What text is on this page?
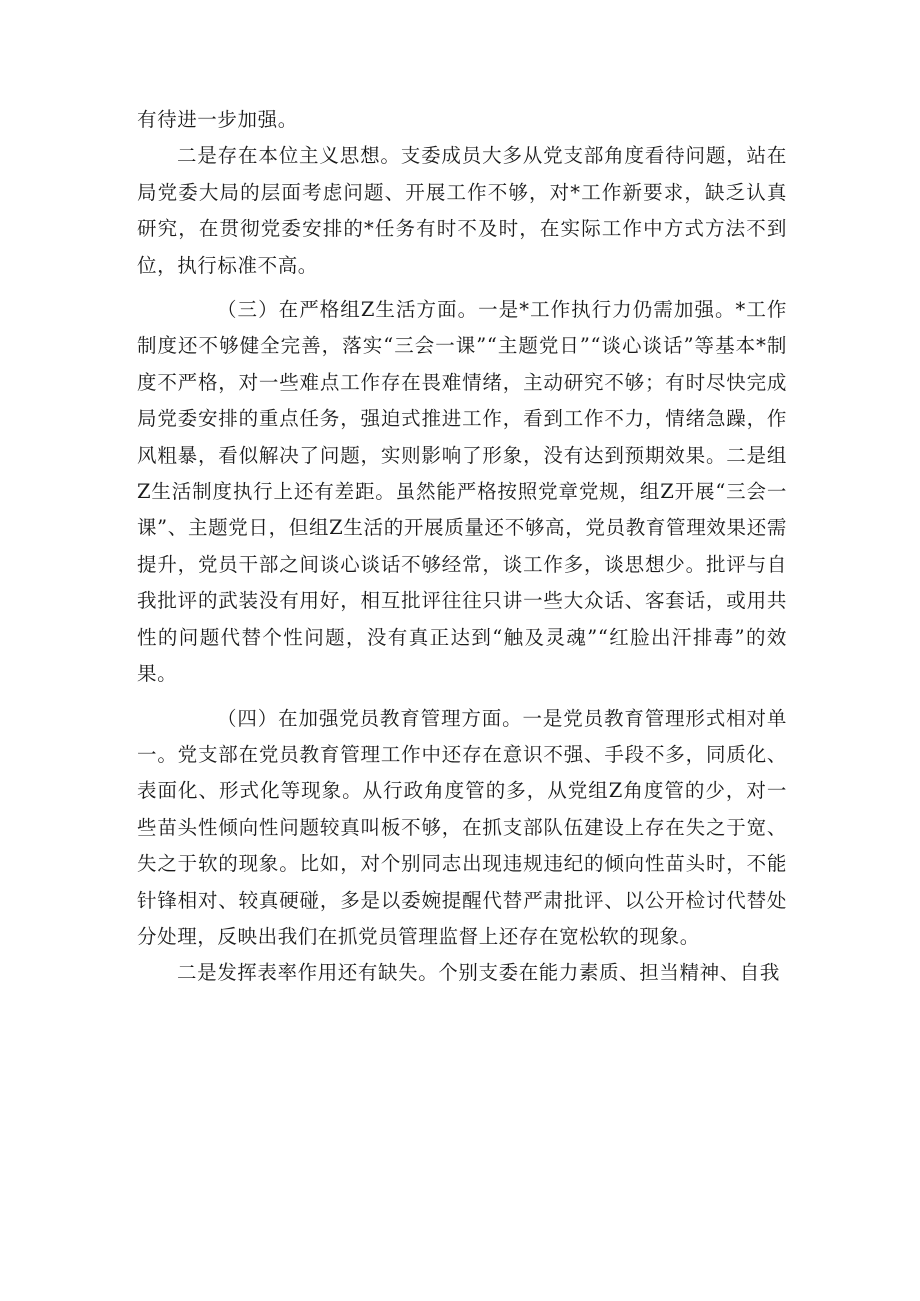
有待进一步加强。

二是存在本位主义思想。支委成员大多从党支部角度看待问题，站在局党委大局的层面考虑问题、开展工作不够，对*工作新要求，缺乏认真研究，在贯彻党委安排的*任务有时不及时，在实际工作中方式方法不到位，执行标准不高。

（三）在严格组Z生活方面。一是*工作执行力仍需加强。*工作制度还不够健全完善，落实“三会一课”“主题党日”“谈心谈话”等基本*制度不严格，对一些难点工作存在畏难情绪，主动研究不够；有时尽快完成局党委安排的重点任务，强迫式推进工作，看到工作不力，情绪急躁，作风粗暴，看似解决了问题，实则影响了形象，没有达到预期效果。二是组Z生活制度执行上还有差距。虽然能严格按照党章党规，组Z开展“三会一课”、主题党日，但组Z生活的开展质量还不够高，党员教育管理效果还需提升，党员干部之间谈心谈话不够经常，谈工作多，谈思想少。批评与自我批评的武装没有用好，相互批评往往只讲一些大众话、客套话，或用共性的问题代替个性问题，没有真正达到“触及灵魂”“红脸出汗排毒”的效果。

（四）在加强党员教育管理方面。一是党员教育管理形式相对单一。党支部在党员教育管理工作中还存在意识不强、手段不多，同质化、表面化、形式化等现象。从行政角度管的多，从党组Z角度管的少，对一些苗头性倾向性问题较真叫板不够，在抓支部队伍建设上存在失之于宽、失之于软的现象。比如，对个别同志出现违规违纪的倾向性苗头时，不能针锋相对、较真硬碰，多是以委婉提醒代替严肃批评、以公开检讨代替处分处理，反映出我们在抓党员管理监督上还存在宽松软的现象。

二是发挥表率作用还有缺失。个别支委在能力素质、担当精神、自我
